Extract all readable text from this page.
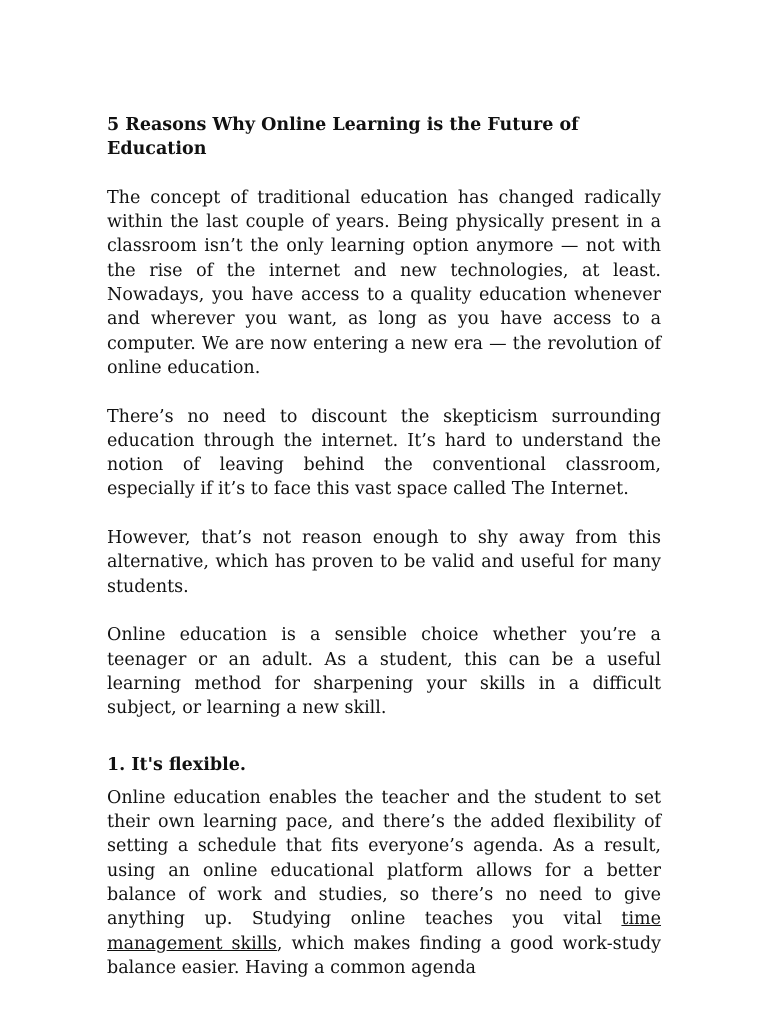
5 Reasons Why Online Learning is the Future of Education

The concept of traditional education has changed radically within the last couple of years. Being physically present in a classroom isn’t the only learning option anymore — not with the rise of the internet and new technologies, at least. Nowadays, you have access to a quality education whenever and wherever you want, as long as you have access to a computer. We are now entering a new era — the revolution of online education.

There’s no need to discount the skepticism surrounding education through the internet. It’s hard to understand the notion of leaving behind the conventional classroom, especially if it’s to face this vast space called The Internet.

However, that’s not reason enough to shy away from this alternative, which has proven to be valid and useful for many students.

Online education is a sensible choice whether you’re a teenager or an adult. As a student, this can be a useful learning method for sharpening your skills in a difficult subject, or learning a new skill.

1. It's flexible.

Online education enables the teacher and the student to set their own learning pace, and there’s the added flexibility of setting a schedule that fits everyone’s agenda. As a result, using an online educational platform allows for a better balance of work and studies, so there’s no need to give anything up. Studying online teaches you vital time management skills, which makes finding a good work-study balance easier. Having a common agenda
